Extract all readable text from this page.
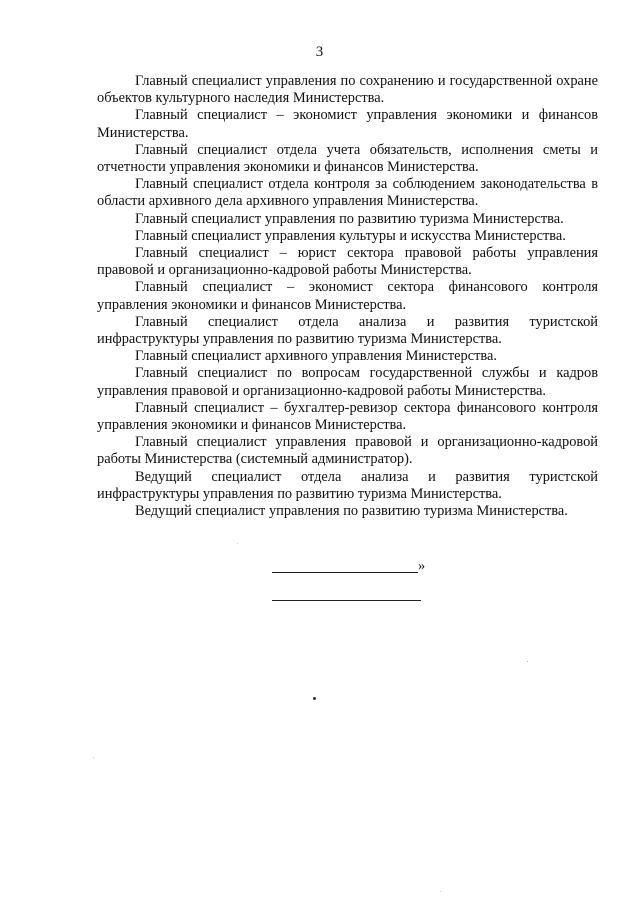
3

Главный специалист управления по сохранению и государственной охране объектов культурного наследия Министерства.

Главный специалист – экономист управления экономики и финансов Министерства.

Главный специалист отдела учета обязательств, исполнения сметы и отчетности управления экономики и финансов Министерства.

Главный специалист отдела контроля за соблюдением законодательства в области архивного дела архивного управления Министерства.

Главный специалист управления по развитию туризма Министерства.

Главный специалист управления культуры и искусства Министерства.

Главный специалист – юрист сектора правовой работы управления правовой и организационно-кадровой работы Министерства.

Главный специалист – экономист сектора финансового контроля управления экономики и финансов Министерства.

Главный специалист отдела анализа и развития туристской инфраструктуры управления по развитию туризма Министерства.

Главный специалист архивного управления Министерства.

Главный специалист по вопросам государственной службы и кадров управления правовой и организационно-кадровой работы Министерства.

Главный специалист – бухгалтер-ревизор сектора финансового контроля управления экономики и финансов Министерства.

Главный специалист управления правовой и организационно-кадровой работы Министерства (системный администратор).

Ведущий специалист отдела анализа и развития туристской инфраструктуры управления по развитию туризма Министерства.

Ведущий специалист управления по развитию туризма Министерства.

»
